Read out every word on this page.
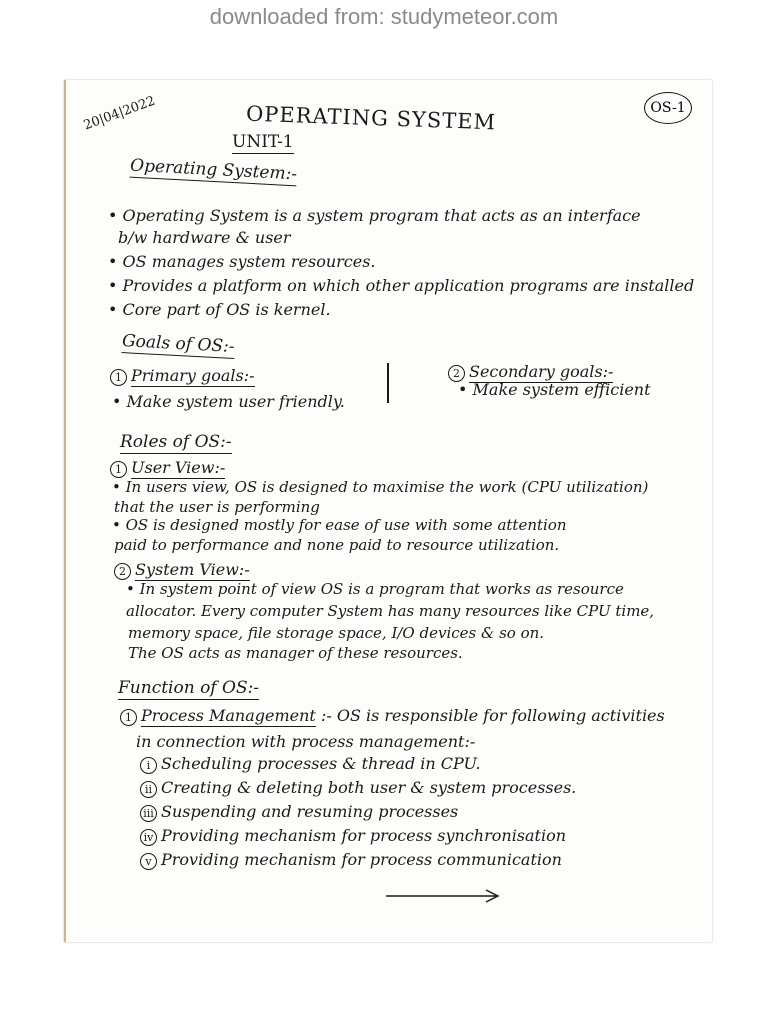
downloaded from: studymeteor.com
20|04|2022	OPERATING SYSTEM
UNIT-1
OS-1
Operating System:-
• Operating System is a system program that acts as an interface
b/w hardware & user
• OS manages system resources.
• Provides a platform on which other application programs are installed
• Core part of OS is kernel.
Goals of OS:-
1 Primary goals:-
• Make system user friendly.
2 Secondary goals:-
• Make system efficient
Roles of OS:-
1 User View:-
• In users view, OS is designed to maximise the work (CPU utilization)
that the user is performing
• OS is designed mostly for ease of use with some attention
paid to performance and none paid to resource utilization.
2 System View:-
• In system point of view OS is a program that works as resource
allocator. Every computer System has many resources like CPU time,
memory space, file storage space, I/O devices & so on.
The OS acts as manager of these resources.
Function of OS:-
1 Process Management :- OS is responsible for following activities
in connection with process management:-
i Scheduling processes & thread in CPU.
ii Creating & deleting both user & system processes.
iii Suspending and resuming processes
iv Providing mechanism for process synchronisation
v Providing mechanism for process communication
